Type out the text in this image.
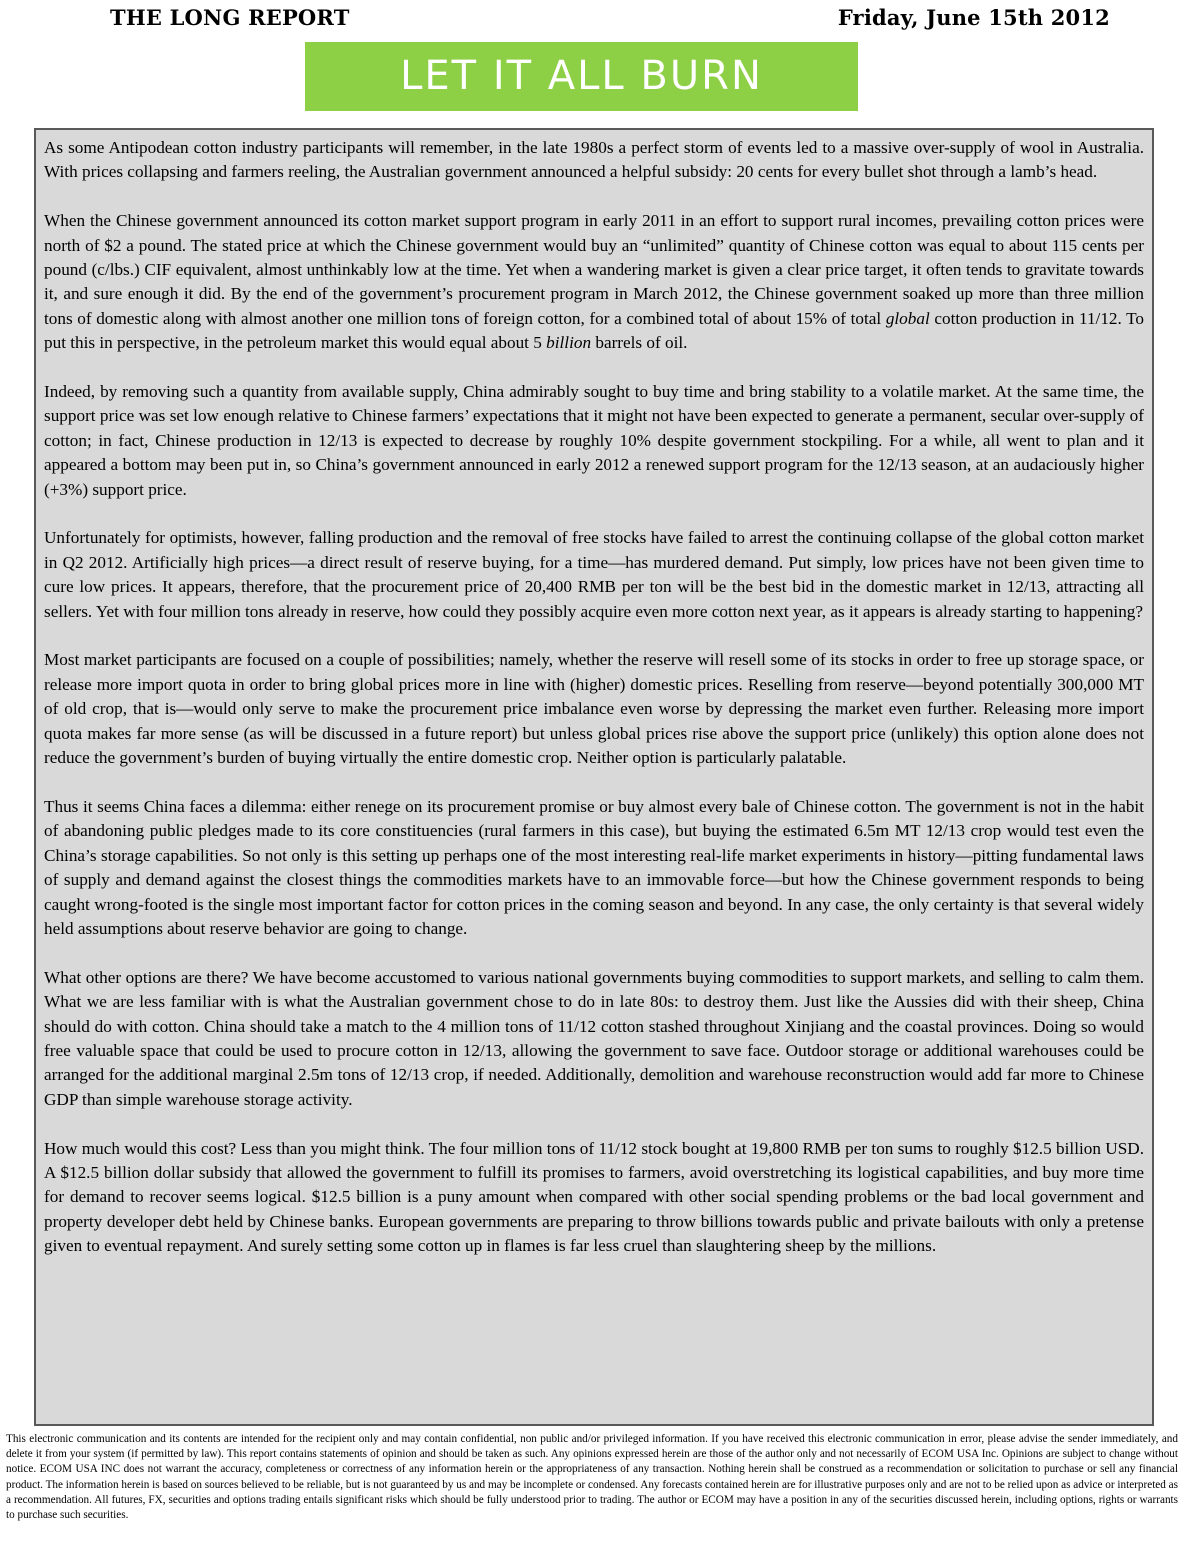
THE LONG REPORT	Friday, June 15th 2012
LET IT ALL BURN

As some Antipodean cotton industry participants will remember, in the late 1980s a perfect storm of events led to a massive over-supply of wool in Australia. With prices collapsing and farmers reeling, the Australian government announced a helpful subsidy: 20 cents for every bullet shot through a lamb’s head.

When the Chinese government announced its cotton market support program in early 2011 in an effort to support rural incomes, prevailing cotton prices were north of $2 a pound. The stated price at which the Chinese government would buy an “unlimited” quantity of Chinese cotton was equal to about 115 cents per pound (c/lbs.) CIF equivalent, almost unthinkably low at the time. Yet when a wandering market is given a clear price target, it often tends to gravitate towards it, and sure enough it did. By the end of the government’s procurement program in March 2012, the Chinese government soaked up more than three million tons of domestic along with almost another one million tons of foreign cotton, for a combined total of about 15% of total global cotton production in 11/12. To put this in perspective, in the petroleum market this would equal about 5 billion barrels of oil.

Indeed, by removing such a quantity from available supply, China admirably sought to buy time and bring stability to a volatile market. At the same time, the support price was set low enough relative to Chinese farmers’ expectations that it might not have been expected to generate a permanent, secular over-supply of cotton; in fact, Chinese production in 12/13 is expected to decrease by roughly 10% despite government stockpiling. For a while, all went to plan and it appeared a bottom may been put in, so China’s government announced in early 2012 a renewed support program for the 12/13 season, at an audaciously higher (+3%) support price.

Unfortunately for optimists, however, falling production and the removal of free stocks have failed to arrest the continuing collapse of the global cotton market in Q2 2012. Artificially high prices—a direct result of reserve buying, for a time—has murdered demand. Put simply, low prices have not been given time to cure low prices. It appears, therefore, that the procurement price of 20,400 RMB per ton will be the best bid in the domestic market in 12/13, attracting all sellers. Yet with four million tons already in reserve, how could they possibly acquire even more cotton next year, as it appears is already starting to happening?

Most market participants are focused on a couple of possibilities; namely, whether the reserve will resell some of its stocks in order to free up storage space, or release more import quota in order to bring global prices more in line with (higher) domestic prices. Reselling from reserve—beyond potentially 300,000 MT of old crop, that is—would only serve to make the procurement price imbalance even worse by depressing the market even further. Releasing more import quota makes far more sense (as will be discussed in a future report) but unless global prices rise above the support price (unlikely) this option alone does not reduce the government’s burden of buying virtually the entire domestic crop. Neither option is particularly palatable.

Thus it seems China faces a dilemma: either renege on its procurement promise or buy almost every bale of Chinese cotton. The government is not in the habit of abandoning public pledges made to its core constituencies (rural farmers in this case), but buying the estimated 6.5m MT 12/13 crop would test even the China’s storage capabilities. So not only is this setting up perhaps one of the most interesting real-life market experiments in history—pitting fundamental laws of supply and demand against the closest things the commodities markets have to an immovable force—but how the Chinese government responds to being caught wrong-footed is the single most important factor for cotton prices in the coming season and beyond. In any case, the only certainty is that several widely held assumptions about reserve behavior are going to change.

What other options are there? We have become accustomed to various national governments buying commodities to support markets, and selling to calm them. What we are less familiar with is what the Australian government chose to do in late 80s: to destroy them. Just like the Aussies did with their sheep, China should do with cotton. China should take a match to the 4 million tons of 11/12 cotton stashed throughout Xinjiang and the coastal provinces. Doing so would free valuable space that could be used to procure cotton in 12/13, allowing the government to save face. Outdoor storage or additional warehouses could be arranged for the additional marginal 2.5m tons of 12/13 crop, if needed. Additionally, demolition and warehouse reconstruction would add far more to Chinese GDP than simple warehouse storage activity.

How much would this cost? Less than you might think. The four million tons of 11/12 stock bought at 19,800 RMB per ton sums to roughly $12.5 billion USD. A $12.5 billion dollar subsidy that allowed the government to fulfill its promises to farmers, avoid overstretching its logistical capabilities, and buy more time for demand to recover seems logical. $12.5 billion is a puny amount when compared with other social spending problems or the bad local government and property developer debt held by Chinese banks. European governments are preparing to throw billions towards public and private bailouts with only a pretense given to eventual repayment. And surely setting some cotton up in flames is far less cruel than slaughtering sheep by the millions.

This electronic communication and its contents are intended for the recipient only and may contain confidential, non public and/or privileged information. If you have received this electronic communication in error, please advise the sender immediately, and delete it from your system (if permitted by law). This report contains statements of opinion and should be taken as such. Any opinions expressed herein are those of the author only and not necessarily of ECOM USA Inc. Opinions are subject to change without notice. ECOM USA INC does not warrant the accuracy, completeness or correctness of any information herein or the appropriateness of any transaction. Nothing herein shall be construed as a recommendation or solicitation to purchase or sell any financial product. The information herein is based on sources believed to be reliable, but is not guaranteed by us and may be incomplete or condensed. Any forecasts contained herein are for illustrative purposes only and are not to be relied upon as advice or interpreted as a recommendation. All futures, FX, securities and options trading entails significant risks which should be fully understood prior to trading. The author or ECOM may have a position in any of the securities discussed herein, including options, rights or warrants to purchase such securities.
